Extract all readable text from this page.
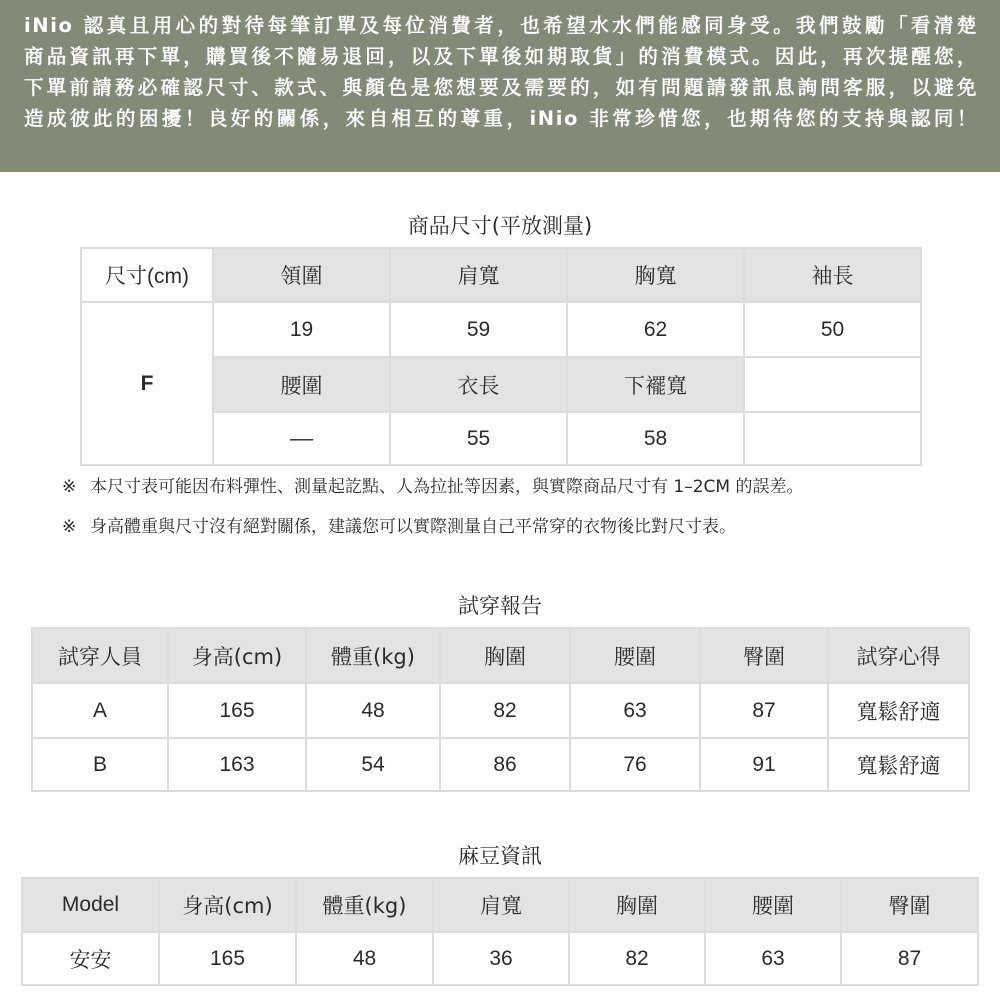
iNio 認真且用心的對待每筆訂單及每位消費者，也希望水水們能感同身受。我們鼓勵「看清楚

商品資訊再下單，購買後不隨易退回，以及下單後如期取貨」的消費模式。因此，再次提醒您，

下單前請務必確認尺寸、款式、與顏色是您想要及需要的，如有問題請發訊息詢問客服，以避免

造成彼此的困擾！良好的關係，來自相互的尊重，iNio 非常珍惜您，也期待您的支持與認同！

商品尺寸(平放測量)
尺寸(cm)	領圍	肩寬	胸寬	袖長
F	19	59	62	50
	腰圍	衣長	下襬寬	
	––	55	58	
※ 本尺寸表可能因布料彈性、測量起訖點、人為拉扯等因素，與實際商品尺寸有 1–2CM 的誤差。
※ 身高體重與尺寸沒有絕對關係，建議您可以實際測量自己平常穿的衣物後比對尺寸表。
試穿報告
試穿人員	身高(cm)	體重(kg)	胸圍	腰圍	臀圍	試穿心得
A	165	48	82	63	87	寬鬆舒適
B	163	54	86	76	91	寬鬆舒適
麻豆資訊
Model	身高(cm)	體重(kg)	肩寬	胸圍	腰圍	臀圍
安安	165	48	36	82	63	87
